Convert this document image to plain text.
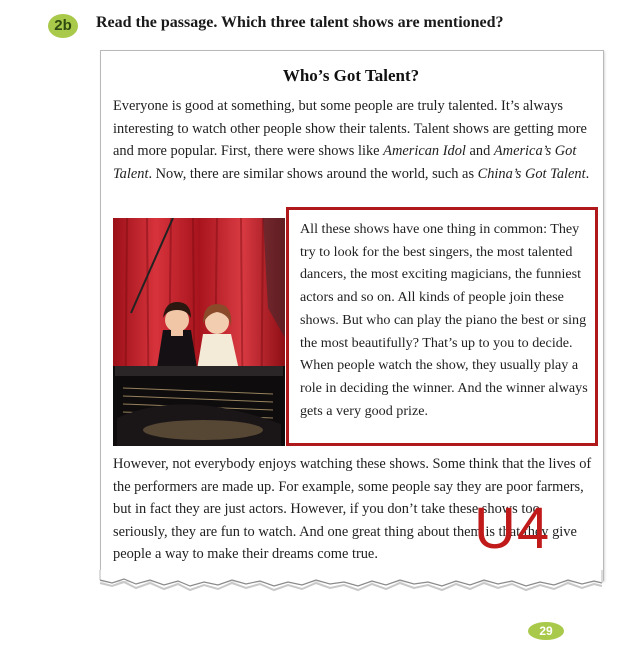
2b	Read the passage. Which three talent shows are mentioned?
Who’s Got Talent?
Everyone is good at something, but some people are truly talented. It’s always interesting to watch other people show their talents. Talent shows are getting more and more popular. First, there were shows like American Idol and America’s Got Talent. Now, there are similar shows around the world, such as China’s Got Talent.
All these shows have one thing in common: They try to look for the best singers, the most talented dancers, the most exciting magicians, the funniest actors and so on. All kinds of people join these shows. But who can play the piano the best or sing the most beautifully? That’s up to you to decide. When people watch the show, they usually play a role in deciding the winner. And the winner always gets a very good prize.
However, not everybody enjoys watching these shows. Some think that the lives of the performers are made up. For example, some people say they are poor farmers, but in fact they are just actors. However, if you don’t take these shows too seriously, they are fun to watch. And one great thing about them is that they give people a way to make their dreams come true.	U4
29
